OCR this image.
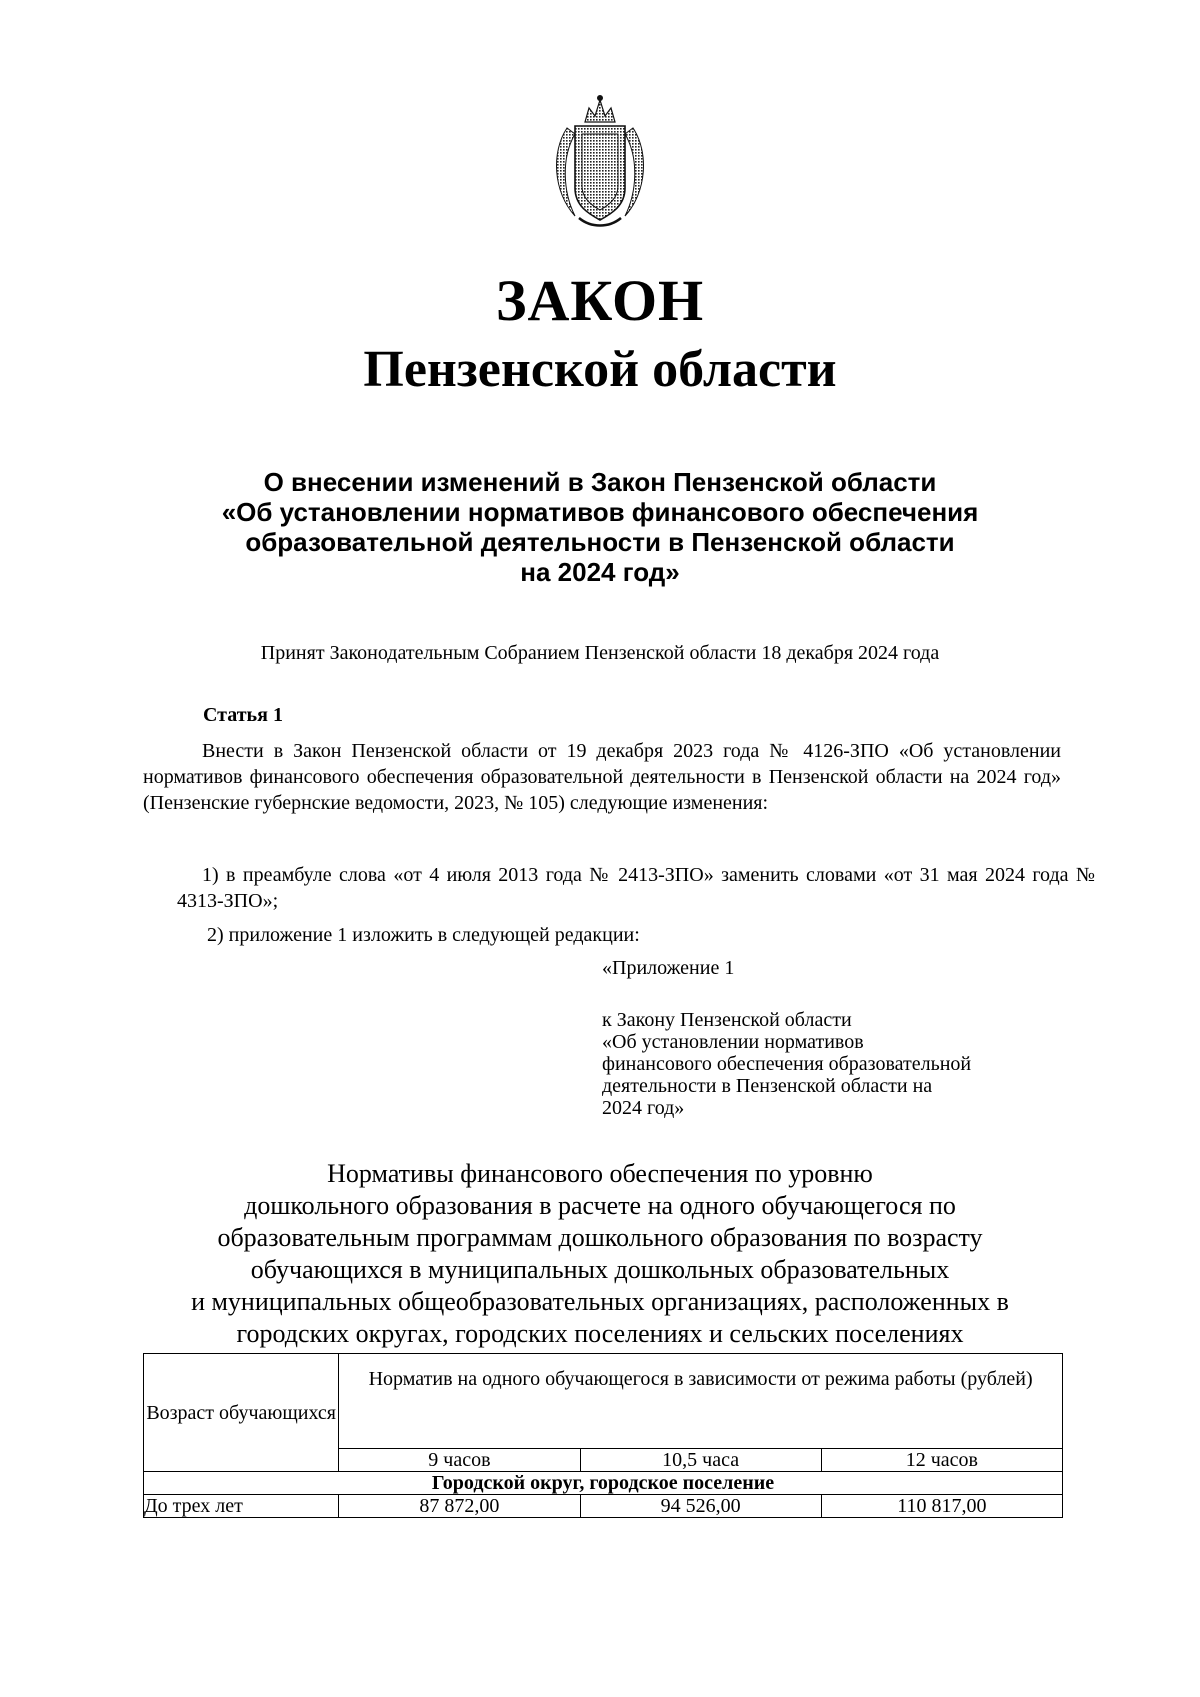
ЗАКОН
Пензенской области
О внесении изменений в Закон Пензенской области
«Об установлении нормативов финансового обеспечения
образовательной деятельности в Пензенской области
на 2024 год»
Принят Законодательным Собранием Пензенской области 18 декабря 2024 года
Статья 1
Внести в Закон Пензенской области от 19 декабря 2023 года № 4126-ЗПО «Об установлении нормативов финансового обеспечения образовательной деятельности в Пензенской области на 2024 год» (Пензенские губернские ведомости, 2023, № 105) следующие изменения:
1) в преамбуле слова «от 4 июля 2013 года № 2413-ЗПО» заменить словами «от 31 мая 2024 года № 4313-ЗПО»;
2) приложение 1 изложить в следующей редакции:
«Приложение 1
к Закону Пензенской области
«Об установлении нормативов
финансового обеспечения образовательной
деятельности в Пензенской области на
2024 год»
Нормативы финансового обеспечения по уровню
дошкольного образования в расчете на одного обучающегося по
образовательным программам дошкольного образования по возрасту
обучающихся в муниципальных дошкольных образовательных
и муниципальных общеобразовательных организациях, расположенных в
городских округах, городских поселениях и сельских поселениях
Возраст обучающихся	Норматив на одного обучающегося в зависимости от режима работы (рублей)		
	9 часов	10,5 часа	12 часов
Городской округ, городское поселение			
До трех лет	87 872,00	94 526,00	110 817,00
